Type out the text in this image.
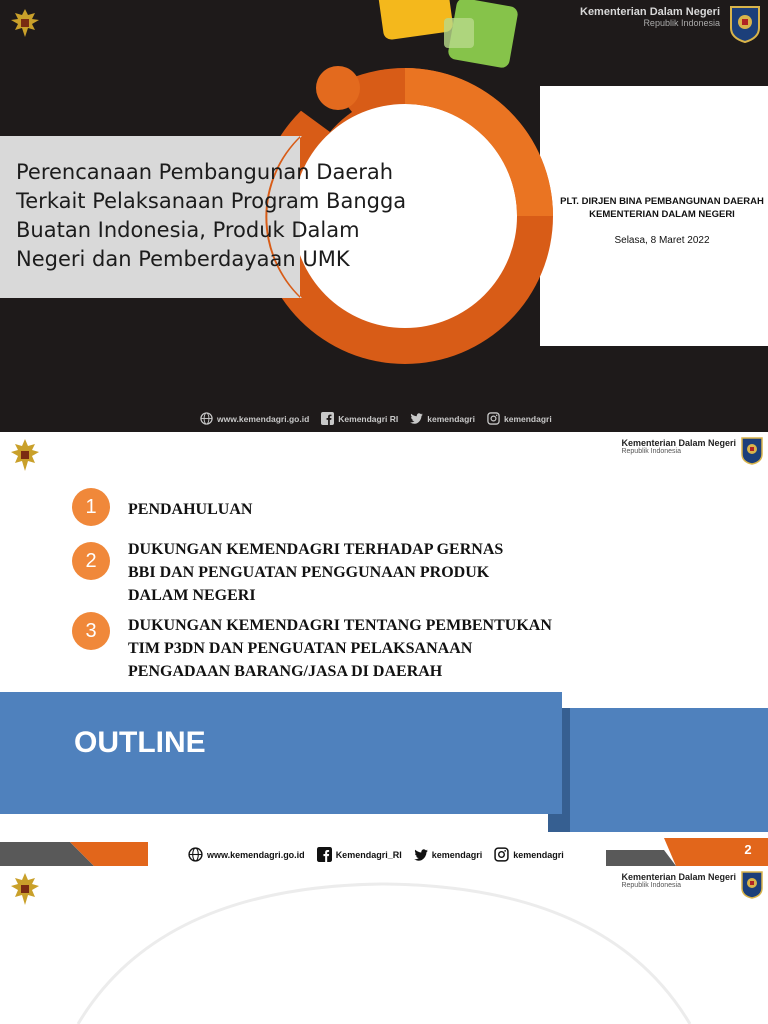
Kementerian Dalam Negeri
Republik Indonesia
Perencanaan Pembangunan Daerah
Terkait Pelaksanaan Program Bangga
Buatan Indonesia, Produk Dalam
Negeri dan Pemberdayaan UMK
PLT. DIRJEN BINA PEMBANGUNAN DAERAH
KEMENTERIAN DALAM NEGERI
Selasa, 8 Maret 2022
www.kemendagri.go.id	Kemendagri RI	kemendagri	kemendagri
Kementerian Dalam Negeri
Republik Indonesia
1	PENDAHULUAN
2	DUKUNGAN KEMENDAGRI TERHADAP GERNAS
BBI DAN PENGUATAN PENGGUNAAN PRODUK
DALAM NEGERI
3	DUKUNGAN KEMENDAGRI TENTANG PEMBENTUKAN
TIM P3DN DAN PENGUATAN PELAKSANAAN
PENGADAAN BARANG/JASA DI DAERAH
OUTLINE
www.kemendagri.go.id	Kemendagri_RI	kemendagri	kemendagri	2
Kementerian Dalam Negeri
Republik Indonesia
